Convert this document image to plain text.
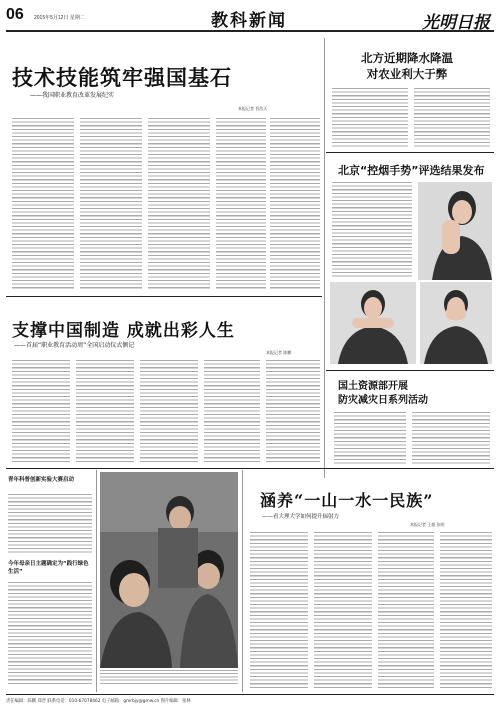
06 2015年5月12日 星期二	教科新闻	光明日报
技术技能筑牢强国基石
——我国职业教育改革发展纪实
本报记者 晋浩天
支撑中国制造 成就出彩人生
——首届“职业教育活动周”全国启动仪式侧记
本报记者 陈鹏
北方近期降水降温
对农业利大于弊
北京“控烟手势”评选结果发布
国土资源部开展
防灾减灾日系列活动
青年科普创新实验大赛启动
今年母亲日主题确定为“践行绿色生活”
涵养“一山一水一民族”
——看大理大学如何提升辐射力
本报记者 王超 张明
责任编辑：陈鹏 郑晋 联系电话：010-67078462 电子邮箱：gmrbjy@gmw.cn 图片编辑：张林
